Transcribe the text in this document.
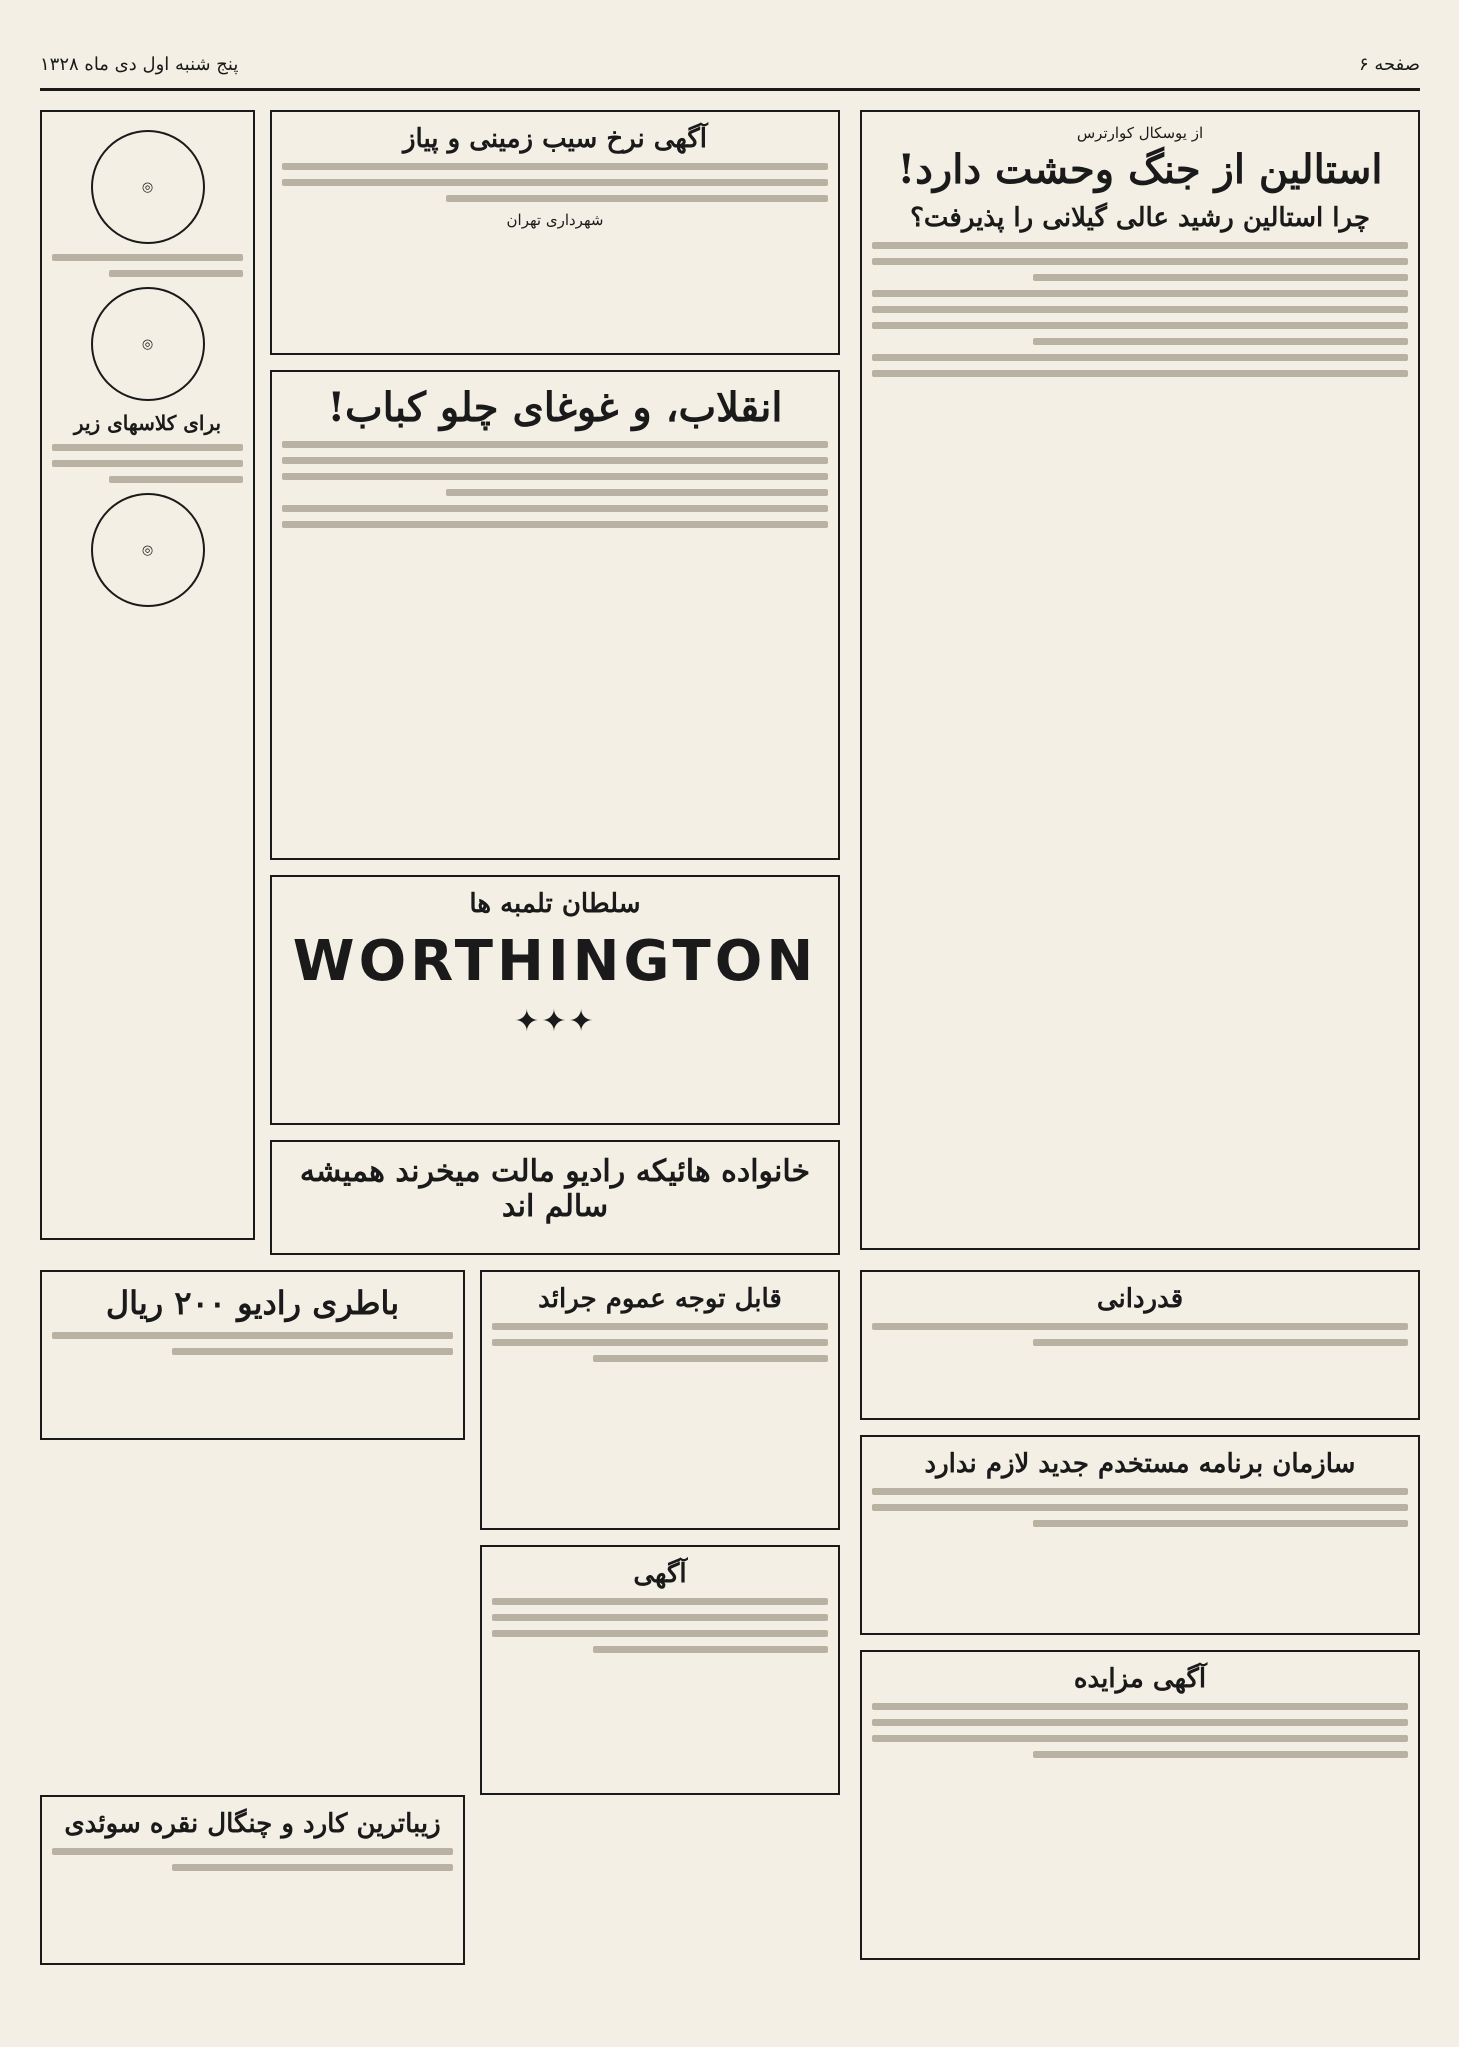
صفحه ۶
پنج شنبه اول دی ماه ۱۳۲۸
از یوسکال کوارترس
استالین از جنگ وحشت دارد!
چرا استالین رشید عالی گیلانی را پذیرفت؟
آگهی نرخ سیب زمینی و پیاز
شهرداری تهران
انقلاب، و غوغای چلو کباب!
سلطان تلمبه ها
WORTHINGTON
✦✦✦
خانواده هائیکه رادیو مالت میخرند همیشه سالم اند
قدردانی
سازمان برنامه مستخدم جدید لازم ندارد
آگهی مزایده
قابل توجه عموم جرائد
آگهی
باطری رادیو ۲۰۰ ریال
زیباترین کارد و چنگال نقره سوئدی
◎
◎
برای کلاسهای زیر
◎
